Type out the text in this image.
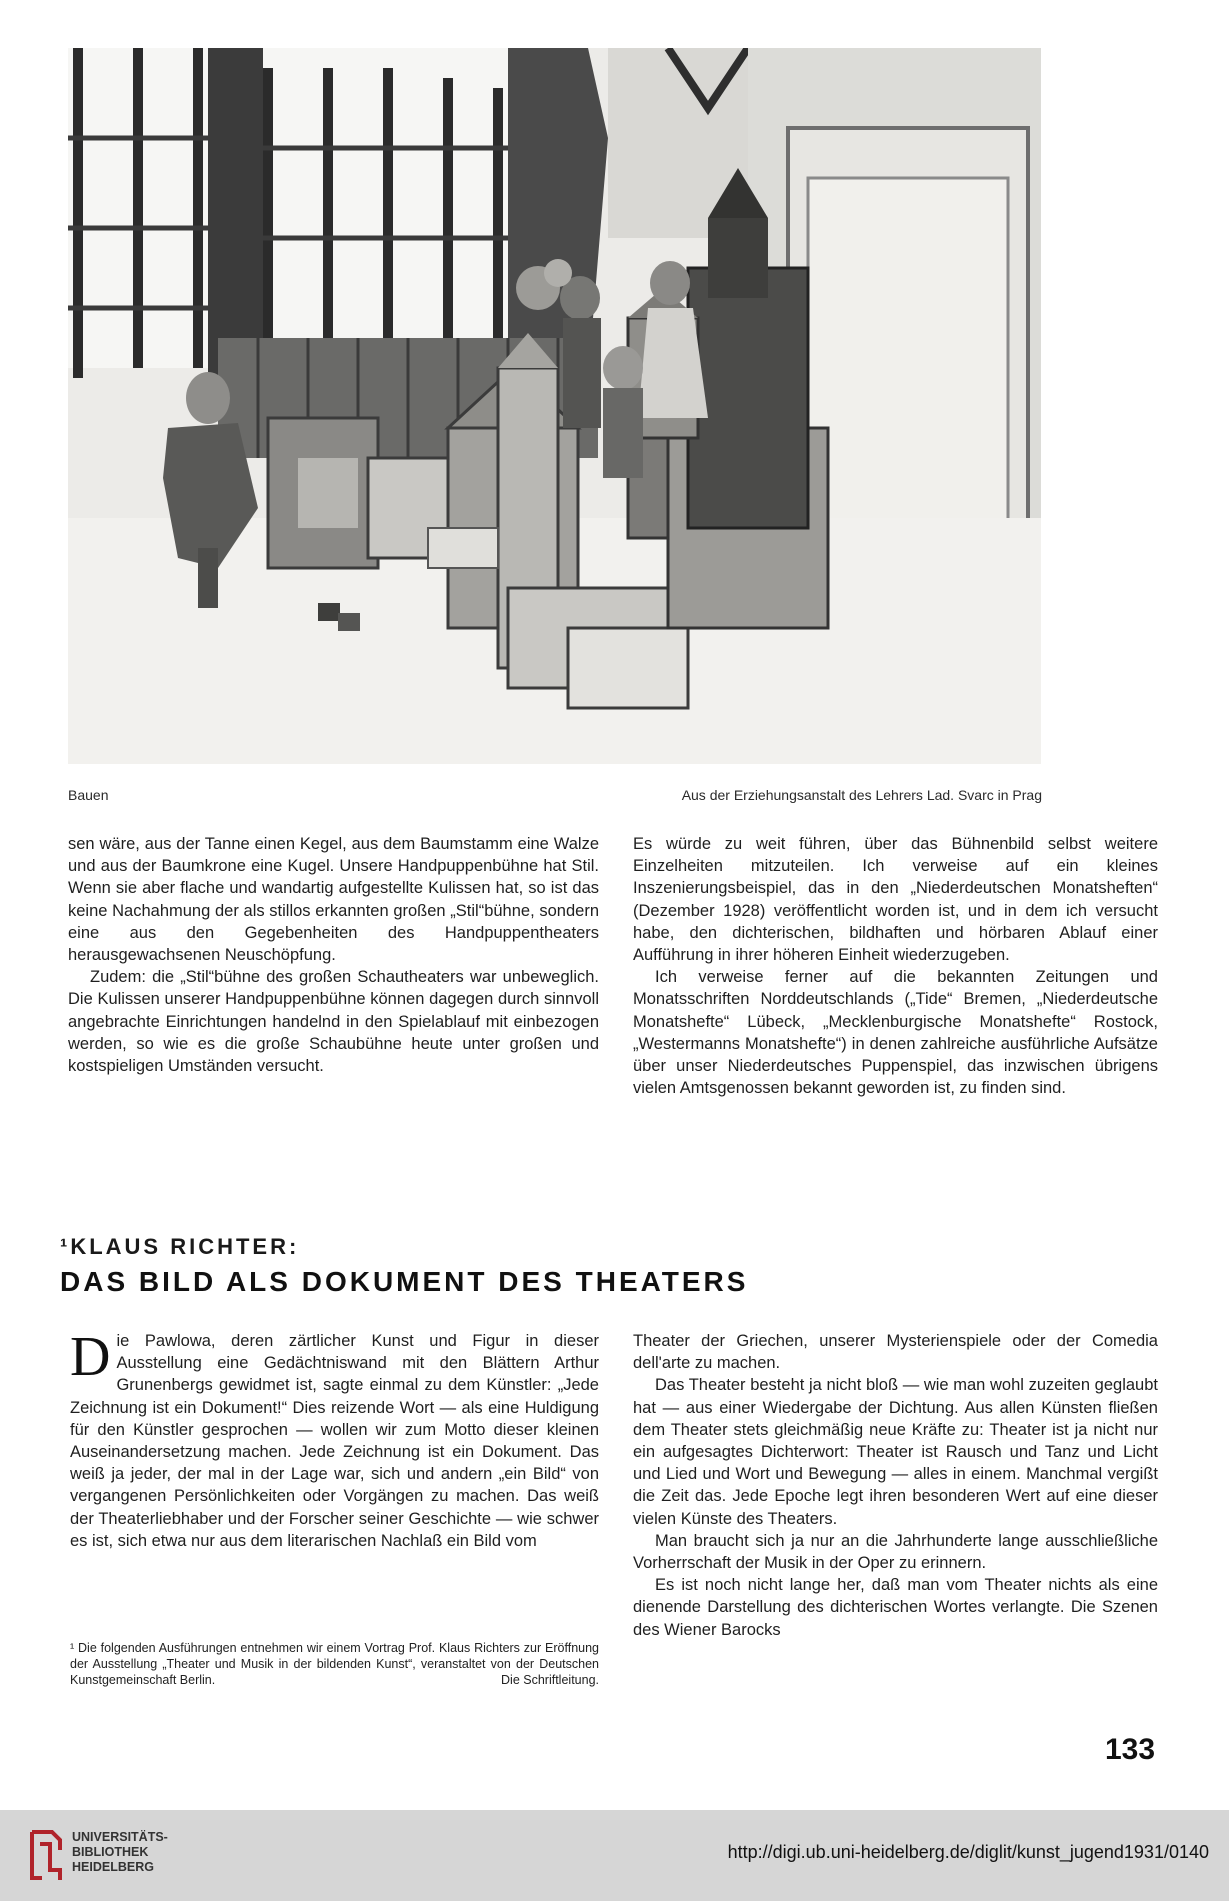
Bauen	Aus der Erziehungsanstalt des Lehrers Lad. Svarc in Prag

sen wäre, aus der Tanne einen Kegel, aus dem Baumstamm eine Walze und aus der Baumkrone eine Kugel. Unsere Handpuppenbühne hat Stil. Wenn sie aber flache und wandartig aufgestellte Kulissen hat, so ist das keine Nachahmung der als stillos erkannten großen „Stil“bühne, sondern eine aus den Gegebenheiten des Handpuppentheaters herausgewachsenen Neuschöpfung.

Zudem: die „Stil“bühne des großen Schautheaters war unbeweglich. Die Kulissen unserer Handpuppenbühne können dagegen durch sinnvoll angebrachte Einrichtungen handelnd in den Spielablauf mit einbezogen werden, so wie es die große Schaubühne heute unter großen und kostspieligen Umständen versucht.

Es würde zu weit führen, über das Bühnenbild selbst weitere Einzelheiten mitzuteilen. Ich verweise auf ein kleines Inszenierungsbeispiel, das in den „Niederdeutschen Monatsheften“ (Dezember 1928) veröffentlicht worden ist, und in dem ich versucht habe, den dichterischen, bildhaften und hörbaren Ablauf einer Aufführung in ihrer höheren Einheit wiederzugeben.

Ich verweise ferner auf die bekannten Zeitungen und Monatsschriften Norddeutschlands („Tide“ Bremen, „Niederdeutsche Monatshefte“ Lübeck, „Mecklenburgische Monatshefte“ Rostock, „Westermanns Monatshefte“) in denen zahlreiche ausführliche Aufsätze über unser Niederdeutsches Puppenspiel, das inzwischen übrigens vielen Amtsgenossen bekannt geworden ist, zu finden sind.

¹KLAUS RICHTER:
DAS BILD ALS DOKUMENT DES THEATERS

Die Pawlowa, deren zärtlicher Kunst und Figur in dieser Ausstellung eine Gedächtniswand mit den Blättern Arthur Grunenbergs gewidmet ist, sagte einmal zu dem Künstler: „Jede Zeichnung ist ein Dokument!“ Dies reizende Wort — als eine Huldigung für den Künstler gesprochen — wollen wir zum Motto dieser kleinen Auseinandersetzung machen. Jede Zeichnung ist ein Dokument. Das weiß ja jeder, der mal in der Lage war, sich und andern „ein Bild“ von vergangenen Persönlichkeiten oder Vorgängen zu machen. Das weiß der Theaterliebhaber und der Forscher seiner Geschichte — wie schwer es ist, sich etwa nur aus dem literarischen Nachlaß ein Bild vom

Theater der Griechen, unserer Mysterienspiele oder der Comedia dell'arte zu machen.

Das Theater besteht ja nicht bloß — wie man wohl zuzeiten geglaubt hat — aus einer Wiedergabe der Dichtung. Aus allen Künsten fließen dem Theater stets gleichmäßig neue Kräfte zu: Theater ist ja nicht nur ein aufgesagtes Dichterwort: Theater ist Rausch und Tanz und Licht und Lied und Wort und Bewegung — alles in einem. Manchmal vergißt die Zeit das. Jede Epoche legt ihren besonderen Wert auf eine dieser vielen Künste des Theaters.

Man braucht sich ja nur an die Jahrhunderte lange ausschließliche Vorherrschaft der Musik in der Oper zu erinnern.

Es ist noch nicht lange her, daß man vom Theater nichts als eine dienende Darstellung des dichterischen Wortes verlangte. Die Szenen des Wiener Barocks

¹ Die folgenden Ausführungen entnehmen wir einem Vortrag Prof. Klaus Richters zur Eröffnung der Ausstellung „Theater und Musik in der bildenden Kunst“, veranstaltet von der Deutschen Kunstgemeinschaft Berlin.	Die Schriftleitung.
133
UNIVERSITÄTS-
BIBLIOTHEK
HEIDELBERG
http://digi.ub.uni-heidelberg.de/diglit/kunst_jugend1931/0140
